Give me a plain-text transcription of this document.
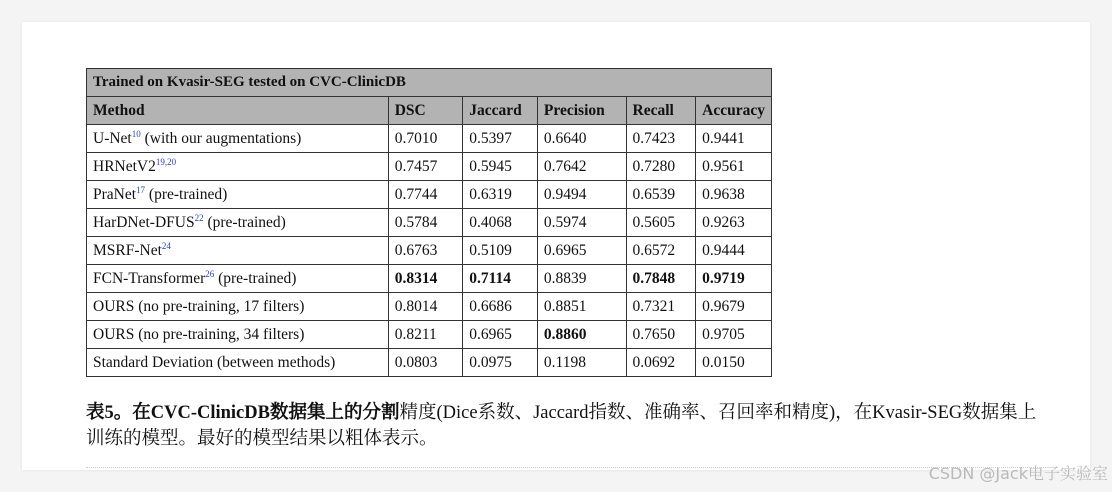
Trained on Kvasir-SEG tested on CVC-ClinicDB					
Method	DSC	Jaccard	Precision	Recall	Accuracy
U-Net$^{10}$ (with our augmentations)	0.7010	0.5397	0.6640	0.7423	0.9441
HRNetV2$^{19,20}$	0.7457	0.5945	0.7642	0.7280	0.9561
PraNet$^{17}$ (pre-trained)	0.7744	0.6319	0.9494	0.6539	0.9638
HarDNet-DFUS$^{22}$ (pre-trained)	0.5784	0.4068	0.5974	0.5605	0.9263
MSRF-Net$^{24}$	0.6763	0.5109	0.6965	0.6572	0.9444
FCN-Transformer$^{26}$ (pre-trained)	0.8314	0.7114	0.8839	0.7848	0.9719
OURS (no pre-training, 17 filters)	0.8014	0.6686	0.8851	0.7321	0.9679
OURS (no pre-training, 34 filters)	0.8211	0.6965	0.8860	0.7650	0.9705
Standard Deviation (between methods)	0.0803	0.0975	0.1198	0.0692	0.0150
表5。在CVC-ClinicDB数据集上的分割精度(Dice系数、Jaccard指数、准确率、召回率和精度)，在Kvasir-SEG数据集上训练的模型。最好的模型结果以粗体表示。
CSDN @Jack电子实验室
